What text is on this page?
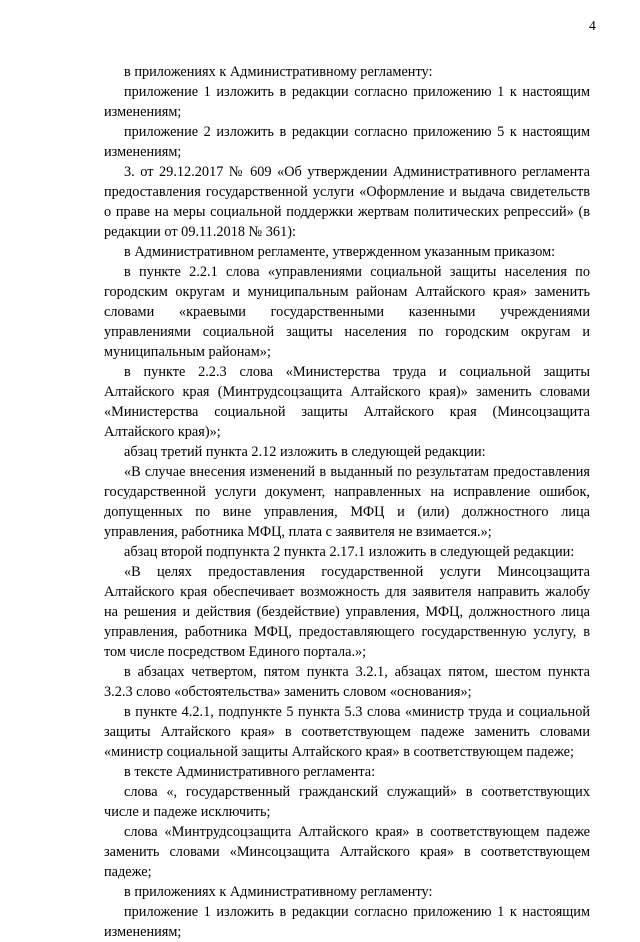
4

в приложениях к Административному регламенту:

приложение 1 изложить в редакции согласно приложению 1 к настоящим изменениям;

приложение 2 изложить в редакции согласно приложению 5 к настоящим изменениям;

3. от 29.12.2017 № 609 «Об утверждении Административного регламента предоставления государственной услуги «Оформление и выдача свидетельств о праве на меры социальной поддержки жертвам политических репрессий» (в редакции от 09.11.2018 № 361):

в Административном регламенте, утвержденном указанным приказом:

в пункте 2.2.1 слова «управлениями социальной защиты населения по городским округам и муниципальным районам Алтайского края» заменить словами «краевыми государственными казенными учреждениями управлениями социальной защиты населения по городским округам и муниципальным районам»;

в пункте 2.2.3 слова «Министерства труда и социальной защиты Алтайского края (Минтрудсоцзащита Алтайского края)» заменить словами «Министерства социальной защиты Алтайского края (Минсоцзащита Алтайского края)»;

абзац третий пункта 2.12 изложить в следующей редакции:

«В случае внесения изменений в выданный по результатам предоставления государственной услуги документ, направленных на исправление ошибок, допущенных по вине управления, МФЦ и (или) должностного лица управления, работника МФЦ, плата с заявителя не взимается.»;

абзац второй подпункта 2 пункта 2.17.1 изложить в следующей редакции:

«В целях предоставления государственной услуги Минсоцзащита Алтайского края обеспечивает возможность для заявителя направить жалобу на решения и действия (бездействие) управления, МФЦ, должностного лица управления, работника МФЦ, предоставляющего государственную услугу, в том числе посредством Единого портала.»;

в абзацах четвертом, пятом пункта 3.2.1, абзацах пятом, шестом пункта 3.2.3 слово «обстоятельства» заменить словом «основания»;

в пункте 4.2.1, подпункте 5 пункта 5.3 слова «министр труда и социальной защиты Алтайского края» в соответствующем падеже заменить словами «министр социальной защиты Алтайского края» в соответствующем падеже;

в тексте Административного регламента:

слова «, государственный гражданский служащий» в соответствующих числе и падеже исключить;

слова «Минтрудсоцзащита Алтайского края» в соответствующем падеже заменить словами «Минсоцзащита Алтайского края» в соответствующем падеже;

в приложениях к Административному регламенту:

приложение 1 изложить в редакции согласно приложению 1 к настоящим изменениям;
